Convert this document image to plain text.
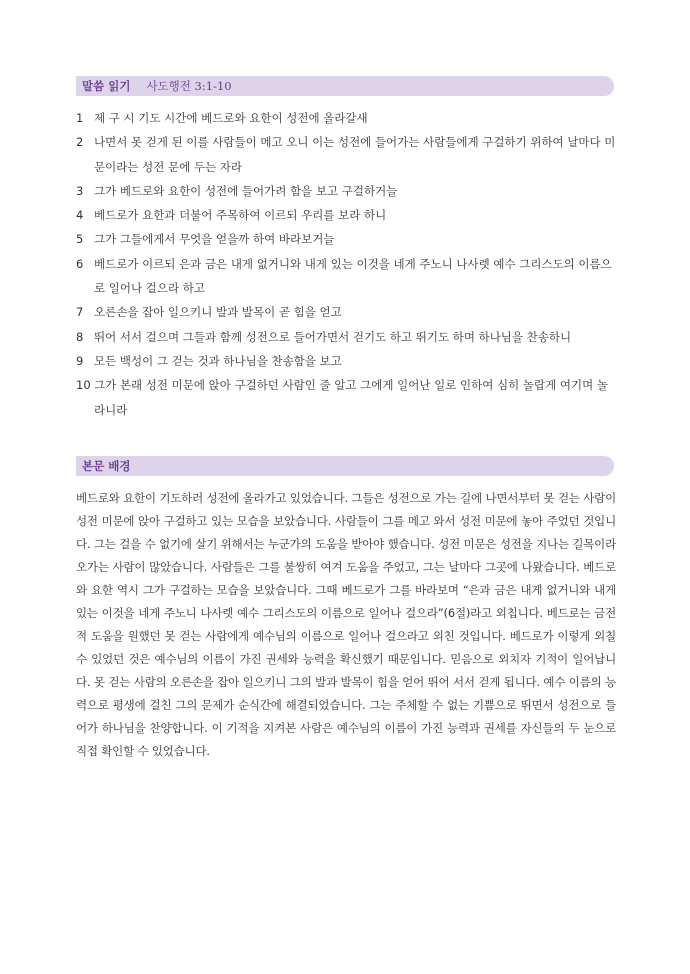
말씀 읽기 사도행전 3:1-10
1 제 구 시 기도 시간에 베드로와 요한이 성전에 올라갈새
2 나면서 못 걷게 된 이를 사람들이 메고 오니 이는 성전에 들어가는 사람들에게 구걸하기 위하여 날마다 미문이라는 성전 문에 두는 자라
3 그가 베드로와 요한이 성전에 들어가려 함을 보고 구걸하거늘
4 베드로가 요한과 더불어 주목하여 이르되 우리를 보라 하니
5 그가 그들에게서 무엇을 얻을까 하여 바라보거늘
6 베드로가 이르되 은과 금은 내게 없거니와 내게 있는 이것을 네게 주노니 나사렛 예수 그리스도의 이름으로 일어나 걸으라 하고
7 오른손을 잡아 일으키니 발과 발목이 곧 힘을 얻고
8 뛰어 서서 걸으며 그들과 함께 성전으로 들어가면서 걷기도 하고 뛰기도 하며 하나님을 찬송하니
9 모든 백성이 그 걷는 것과 하나님을 찬송함을 보고
10 그가 본래 성전 미문에 앉아 구걸하던 사람인 줄 알고 그에게 일어난 일로 인하여 심히 놀랍게 여기며 놀라니라
본문 배경

베드로와 요한이 기도하러 성전에 올라가고 있었습니다. 그들은 성전으로 가는 길에 나면서부터 못 걷는 사람이 성전 미문에 앉아 구걸하고 있는 모습을 보았습니다. 사람들이 그를 메고 와서 성전 미문에 놓아 주었던 것입니다. 그는 걸을 수 없기에 살기 위해서는 누군가의 도움을 받아야 했습니다. 성전 미문은 성전을 지나는 길목이라 오가는 사람이 많았습니다. 사람들은 그를 불쌍히 여겨 도움을 주었고, 그는 날마다 그곳에 나왔습니다. 베드로와 요한 역시 그가 구걸하는 모습을 보았습니다. 그때 베드로가 그를 바라보며 “은과 금은 내게 없거니와 내게 있는 이것을 네게 주노니 나사렛 예수 그리스도의 이름으로 일어나 걸으라”(6절)라고 외칩니다. 베드로는 금전적 도움을 원했던 못 걷는 사람에게 예수님의 이름으로 일어나 걸으라고 외친 것입니다. 베드로가 이렇게 외칠 수 있었던 것은 예수님의 이름이 가진 권세와 능력을 확신했기 때문입니다. 믿음으로 외치자 기적이 일어납니다. 못 걷는 사람의 오른손을 잡아 일으키니 그의 발과 발목이 힘을 얻어 뛰어 서서 걷게 됩니다. 예수 이름의 능력으로 평생에 걸친 그의 문제가 순식간에 해결되었습니다. 그는 주체할 수 없는 기쁨으로 뛰면서 성전으로 들어가 하나님을 찬양합니다. 이 기적을 지켜본 사람은 예수님의 이름이 가진 능력과 권세를 자신들의 두 눈으로 직접 확인할 수 있었습니다.
